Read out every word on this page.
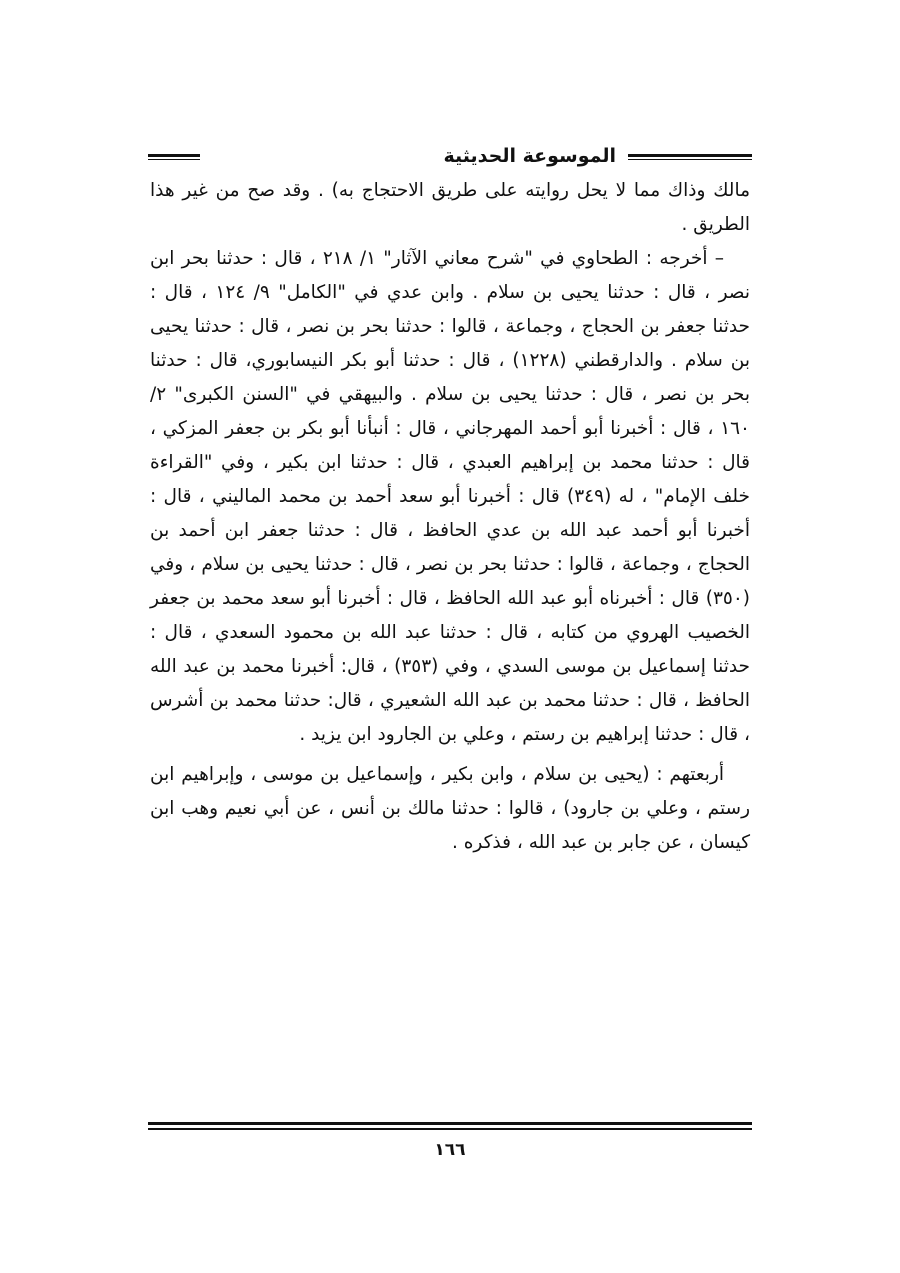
الموسوعة الحديثية

مالك وذاك مما لا يحل روايته على طريق الاحتجاج به) . وقد صح من غير هذا الطريق .

– أخرجه : الطحاوي في "شرح معاني الآثار" ١/ ٢١٨ ، قال : حدثنا بحر ابن نصر ، قال : حدثنا يحيى بن سلام . وابن عدي في "الكامل" ٩/ ١٢٤ ، قال : حدثنا جعفر بن الحجاج ، وجماعة ، قالوا : حدثنا بحر بن نصر ، قال : حدثنا يحيى بن سلام . والدارقطني (١٢٢٨) ، قال : حدثنا أبو بكر النيسابوري، قال : حدثنا بحر بن نصر ، قال : حدثنا يحيى بن سلام . والبيهقي في "السنن الكبرى" ٢/ ١٦٠ ، قال : أخبرنا أبو أحمد المهرجاني ، قال : أنبأنا أبو بكر بن جعفر المزكي ، قال : حدثنا محمد بن إبراهيم العبدي ، قال : حدثنا ابن بكير ، وفي "القراءة خلف الإمام" ، له (٣٤٩) قال : أخبرنا أبو سعد أحمد بن محمد الماليني ، قال : أخبرنا أبو أحمد عبد الله بن عدي الحافظ ، قال : حدثنا جعفر ابن أحمد بن الحجاج ، وجماعة ، قالوا : حدثنا بحر بن نصر ، قال : حدثنا يحيى بن سلام ، وفي (٣٥٠) قال : أخبرناه أبو عبد الله الحافظ ، قال : أخبرنا أبو سعد محمد بن جعفر الخصيب الهروي من كتابه ، قال : حدثنا عبد الله بن محمود السعدي ، قال : حدثنا إسماعيل بن موسى السدي ، وفي (٣٥٣) ، قال: أخبرنا محمد بن عبد الله الحافظ ، قال : حدثنا محمد بن عبد الله الشعيري ، قال: حدثنا محمد بن أشرس ، قال : حدثنا إبراهيم بن رستم ، وعلي بن الجارود ابن يزيد .

أربعتهم : (يحيى بن سلام ، وابن بكير ، وإسماعيل بن موسى ، وإبراهيم ابن رستم ، وعلي بن جارود) ، قالوا : حدثنا مالك بن أنس ، عن أبي نعيم وهب ابن كيسان ، عن جابر بن عبد الله ، فذكره .

١٦٦
